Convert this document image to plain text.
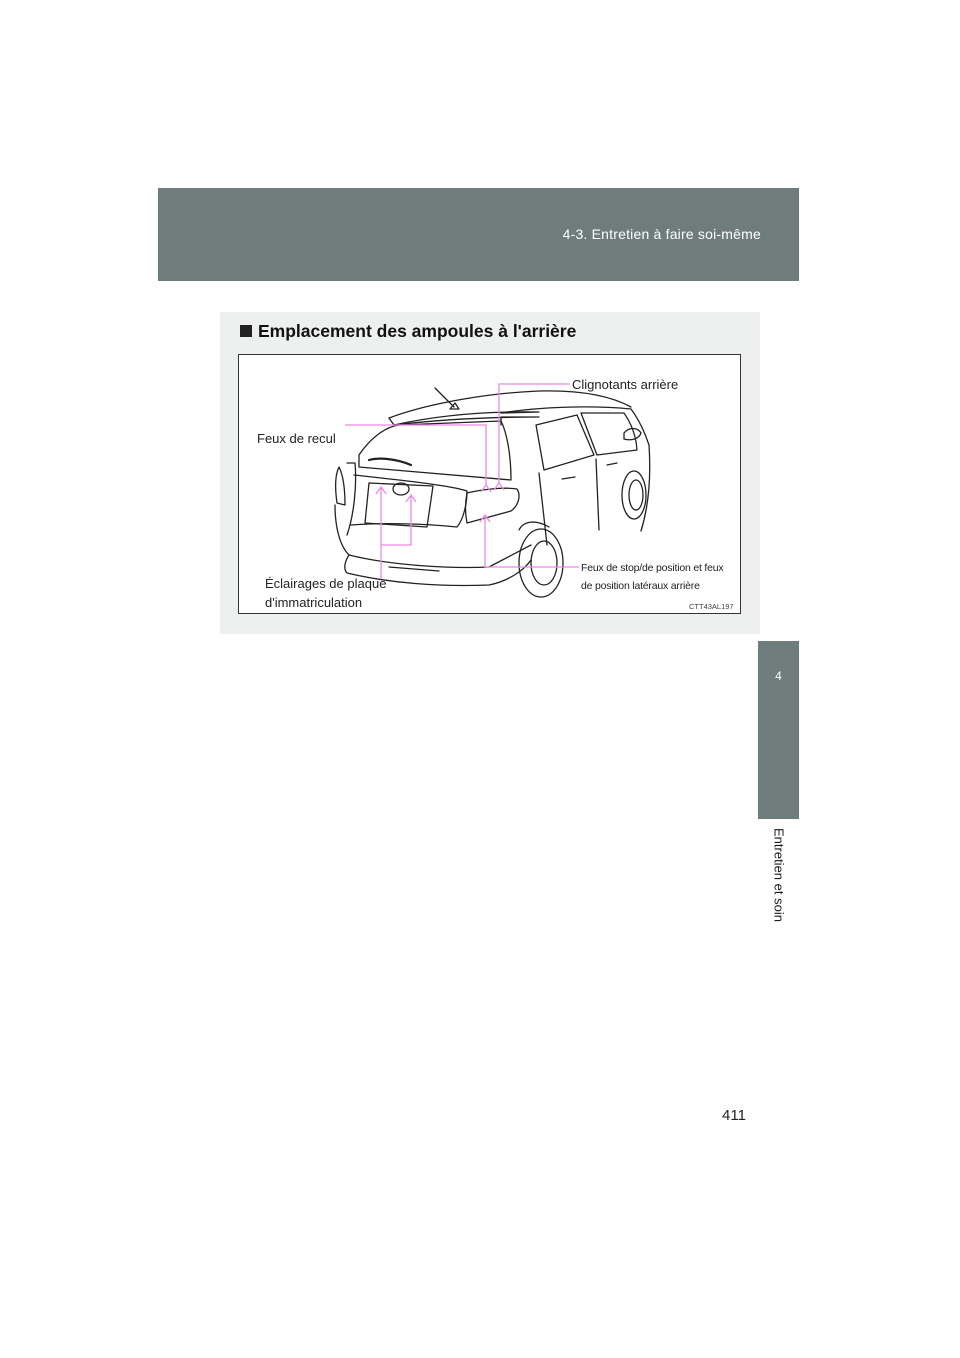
4-3. Entretien à faire soi-même
4
Entretien et soin
Emplacement des ampoules à l'arrière
Clignotants arrière
Feux de recul
Éclairages de plaque
d'immatriculation
Feux de stop/de position et feux
de position latéraux arrière
CTT43AL197
411
